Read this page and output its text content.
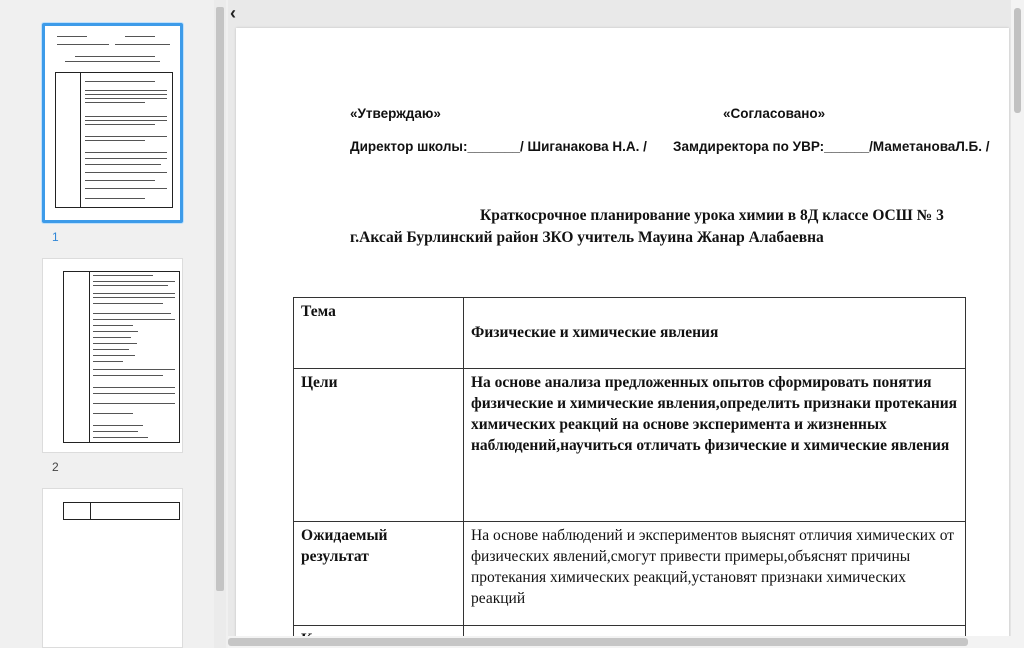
1
2
‹
«Утверждаю»	«Согласовано»
Директор школы:_______/ Шиганакова Н.А. / Замдиректора по УВР:______/МаметановаЛ.Б. /
Краткосрочное планирование урока химии в 8Д классе ОСШ № 3
г.Аксай Бурлинский район ЗКО учитель Мауина Жанар Алабаевна
Тема	Физические и химические явления

Цели	На основе анализа предложенных опытов сформировать понятия физические и химические явления,определить признаки протекания химических реакций на основе эксперимента и жизненных наблюдений,научиться отличать физические и химические явления
Ожидаемый результат	На основе наблюдений и экспериментов выяснят отличия химических от физических явлений,смогут привести примеры,объяснят причины протекания химических реакций,установят признаки химических реакций
